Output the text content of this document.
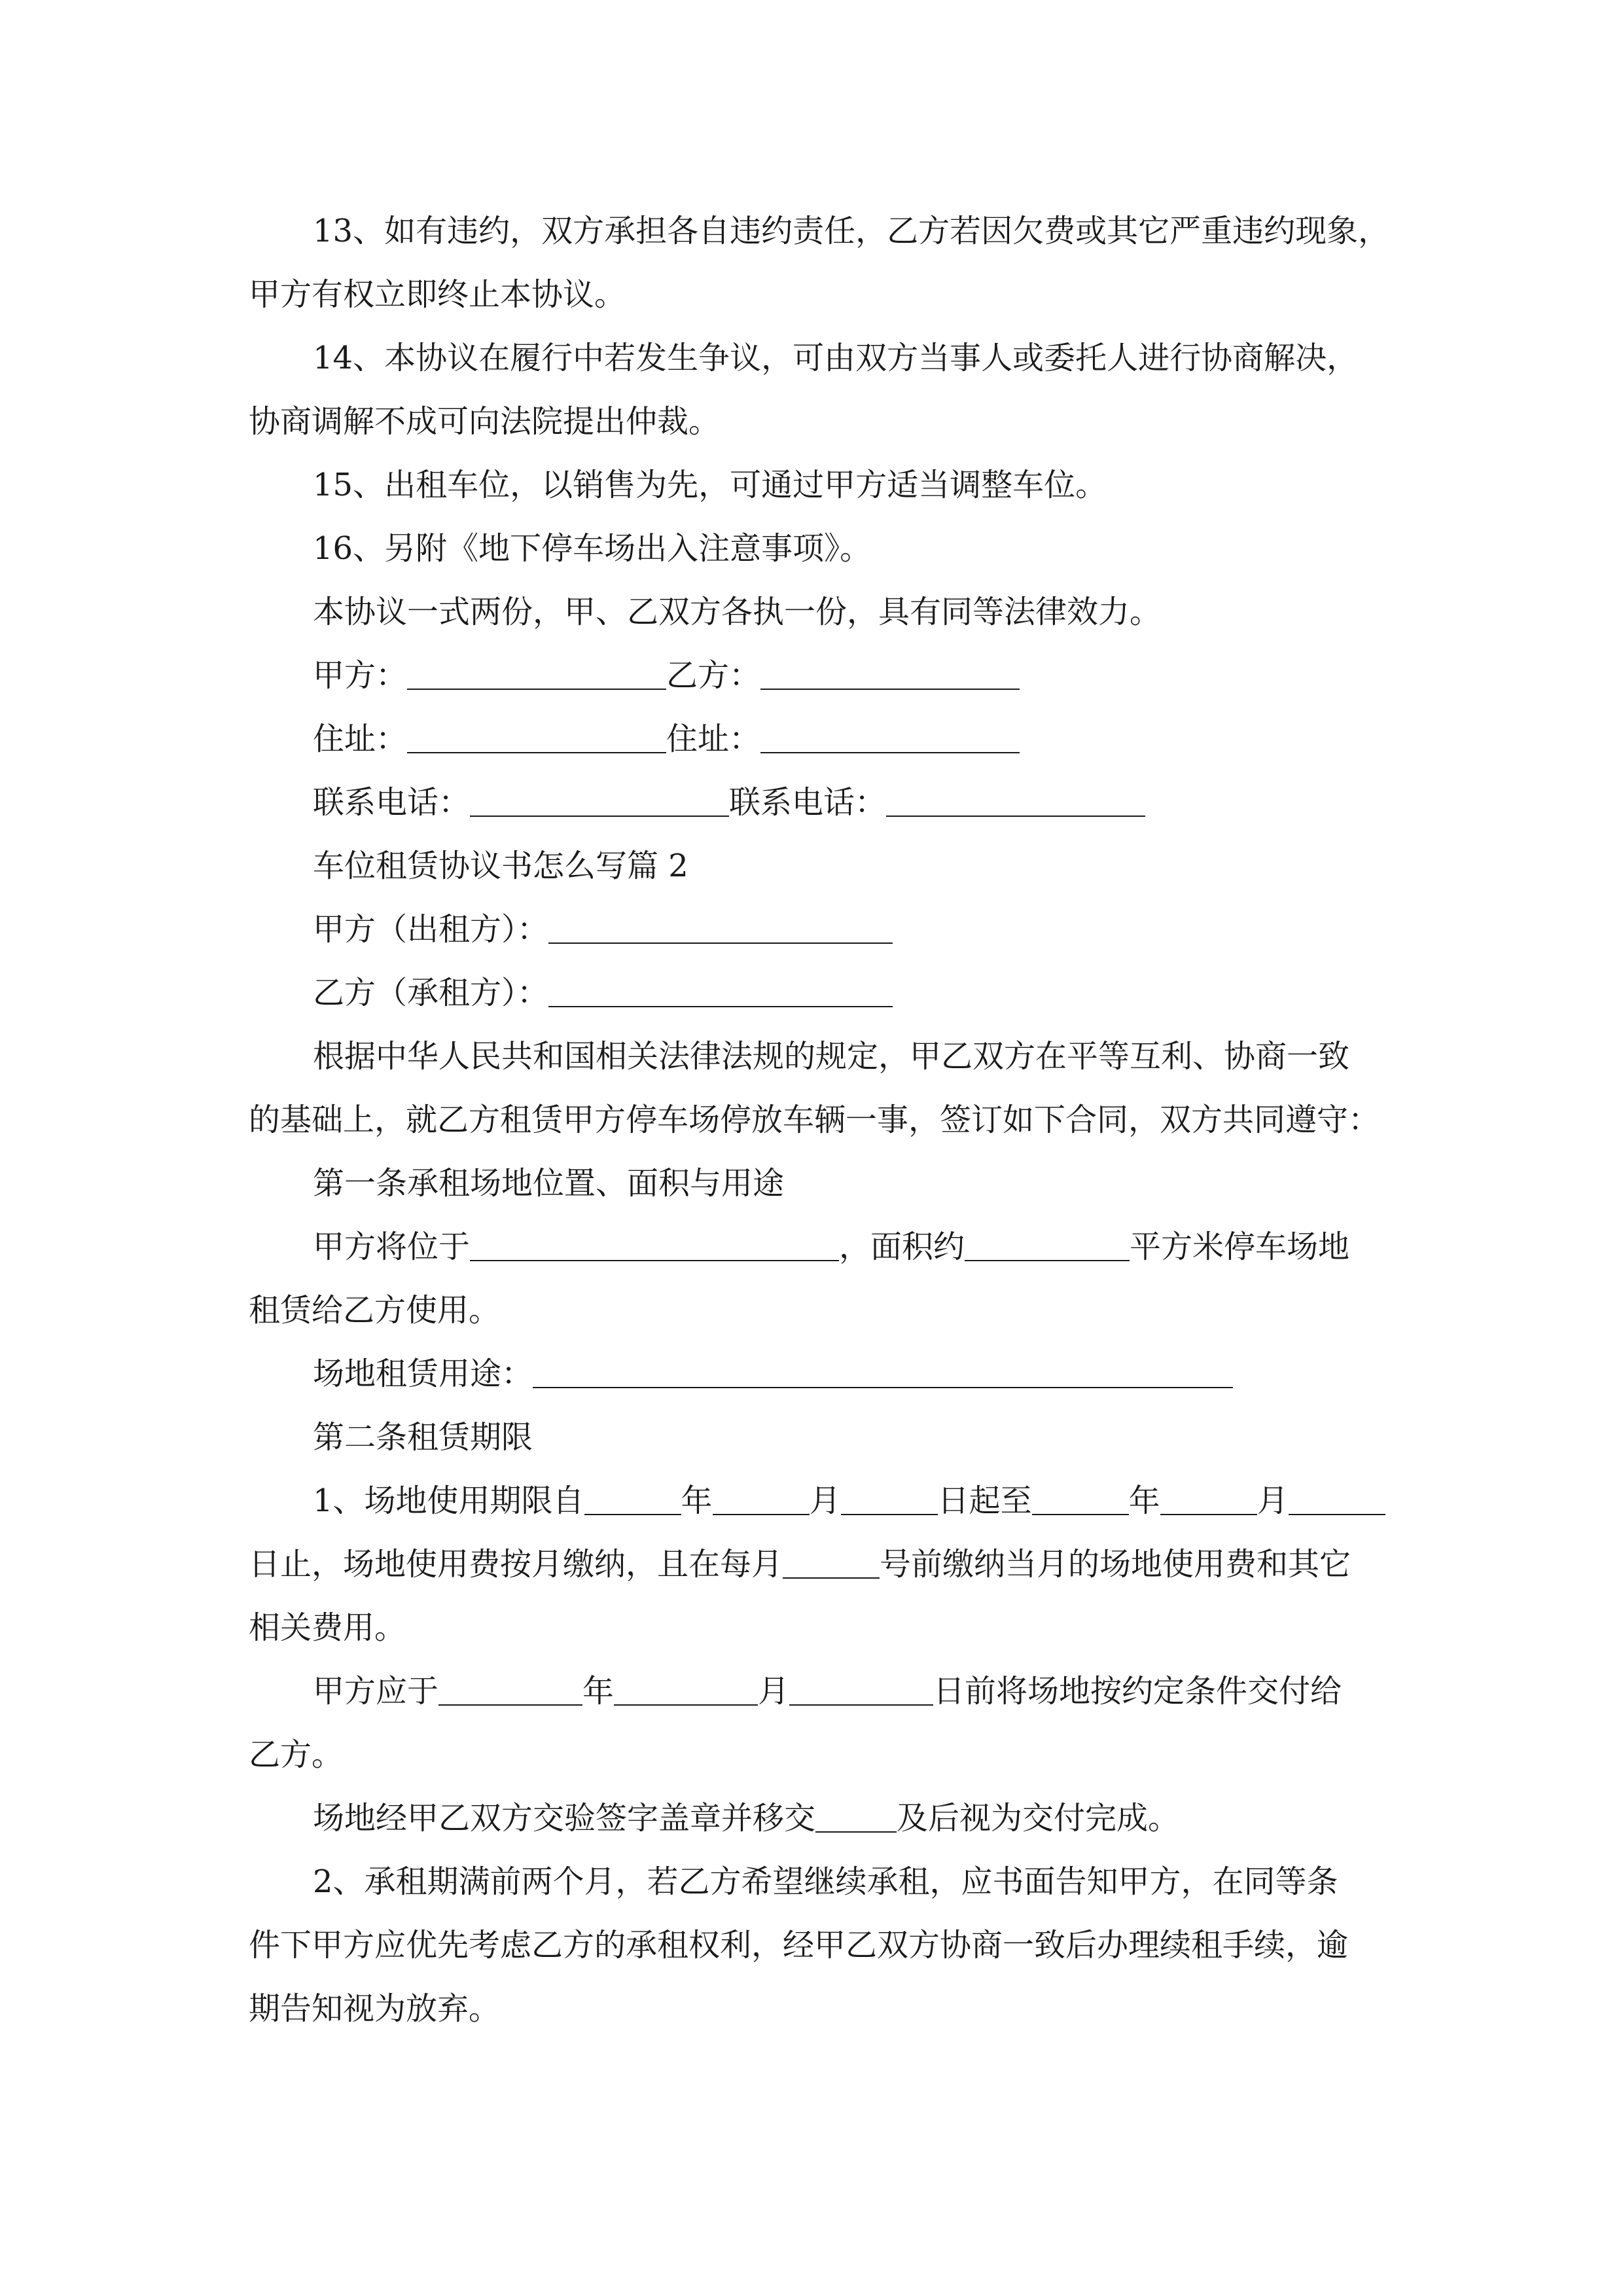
13、如有违约，双方承担各自违约责任，乙方若因欠费或其它严重违约现象，
甲方有权立即终止本协议。
14、本协议在履行中若发生争议，可由双方当事人或委托人进行协商解决，
协商调解不成可向法院提出仲裁。
15、出租车位，以销售为先，可通过甲方适当调整车位。
16、另附《地下停车场出入注意事项》。
本协议一式两份，甲、乙双方各执一份，具有同等法律效力。
甲方：	乙方：
住址：	住址：
联系电话：	联系电话：
车位租赁协议书怎么写篇 2
甲方（出租方）：
乙方（承租方）：
根据中华人民共和国相关法律法规的规定，甲乙双方在平等互利、协商一致
的基础上，就乙方租赁甲方停车场停放车辆一事，签订如下合同，双方共同遵守：
第一条承租场地位置、面积与用途
甲方将位于	，面积约	平方米停车场地
租赁给乙方使用。
场地租赁用途：
第二条租赁期限
1、场地使用期限自	年	月	日起至	年	月
日止，场地使用费按月缴纳，且在每月	号前缴纳当月的场地使用费和其它
相关费用。
甲方应于	年	月	日前将场地按约定条件交付给
乙方。
场地经甲乙双方交验签字盖章并移交	及后视为交付完成。
2、承租期满前两个月，若乙方希望继续承租，应书面告知甲方，在同等条
件下甲方应优先考虑乙方的承租权利，经甲乙双方协商一致后办理续租手续，逾
期告知视为放弃。
